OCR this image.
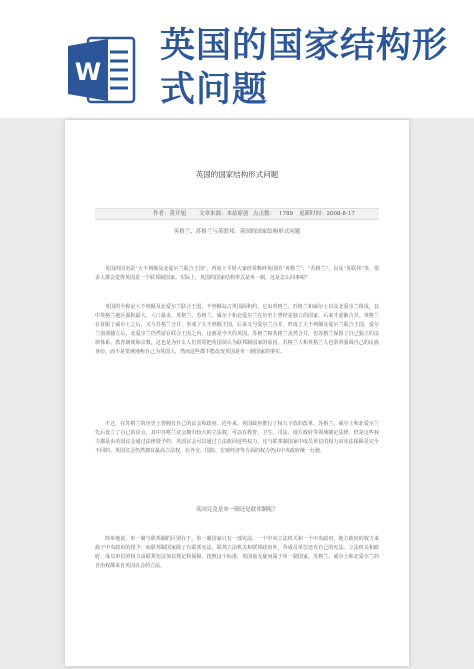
W
英国的国家结构形式问题
英国的国家结构形式问题
作者：黄开旭 文章来源：本站原创 点击数： 1789 更新时间：2008-8-17
英格兰、苏格兰与英联邦：英国的国家结构形式问题

英国的国名是“大不列颠及北爱尔兰联合王国”，再加上平时大家经常称呼英国的“英格兰”、“苏格兰”，以及“英联邦”等，很多人都会觉得英国是一个联邦制国家。实际上，英国的国家结构形式是单一制，这是怎么回事呢？

英国的全称是大不列颠及北爱尔兰联合王国，不列颠岛古英国面积约，它由英格兰、苏格兰和威尔士以及北爱尔兰组成，其中英格兰地区面积最大，人口最多，英格兰、苏格兰、威尔士和北爱尔兰在历史上曾经是独立的国家，后来才逐渐合并。英格兰在征服了威尔士之后，又与苏格兰合并，形成了大不列颠王国，后来又与爱尔兰合并，形成了大不列颠及爱尔兰联合王国，爱尔兰南部独立后，北爱尔兰仍然留在联合王国之内，这就是今天的英国。苏格兰和英格兰虽然合并，但苏格兰保留了自己独立的法律体系、教育制度和宗教，这也是为什么人们常常把英国误认为联邦制国家的原因。苏格兰人和英格兰人也常常强调自己的民族身份，而不是笼统地称自己为英国人，然而这些都不能改变英国是单一制国家的事实。

不过，在苏格兰的历史上曾拥有自己的议会和政府。近年来，英国政府推行了权力下放的改革，苏格兰、威尔士和北爱尔兰先后设立了自己的议会，其中苏格兰议会拥有较大的立法权，可以在教育、卫生、司法、地方政府等领域制定法律。但是这些权力都是由英国议会通过法律授予的，英国议会可以通过立法收回这些权力，这与联邦制国家中成员单位的权力由宪法保障是完全不同的。英国议会仍然拥有最高立法权，在外交、国防、宏观经济等方面的权力仍由中央政府统一行使。

英国究竟是单一制还是联邦制呢？

简单地说，单一制与联邦制的区别在于，单一制国家只有一部宪法，一个中央立法机关和一个中央政府，地方政府的权力来源于中央政府的授予；而联邦制国家除了有联邦宪法、联邦立法机关和联邦政府外，各成员单位还有自己的宪法、立法机关和政府，成员单位的权力由联邦宪法加以规定和保障。按照这个标准，英国毫无疑问属于单一制国家，苏格兰、威尔士和北爱尔兰的自治权都来自英国议会的立法。
